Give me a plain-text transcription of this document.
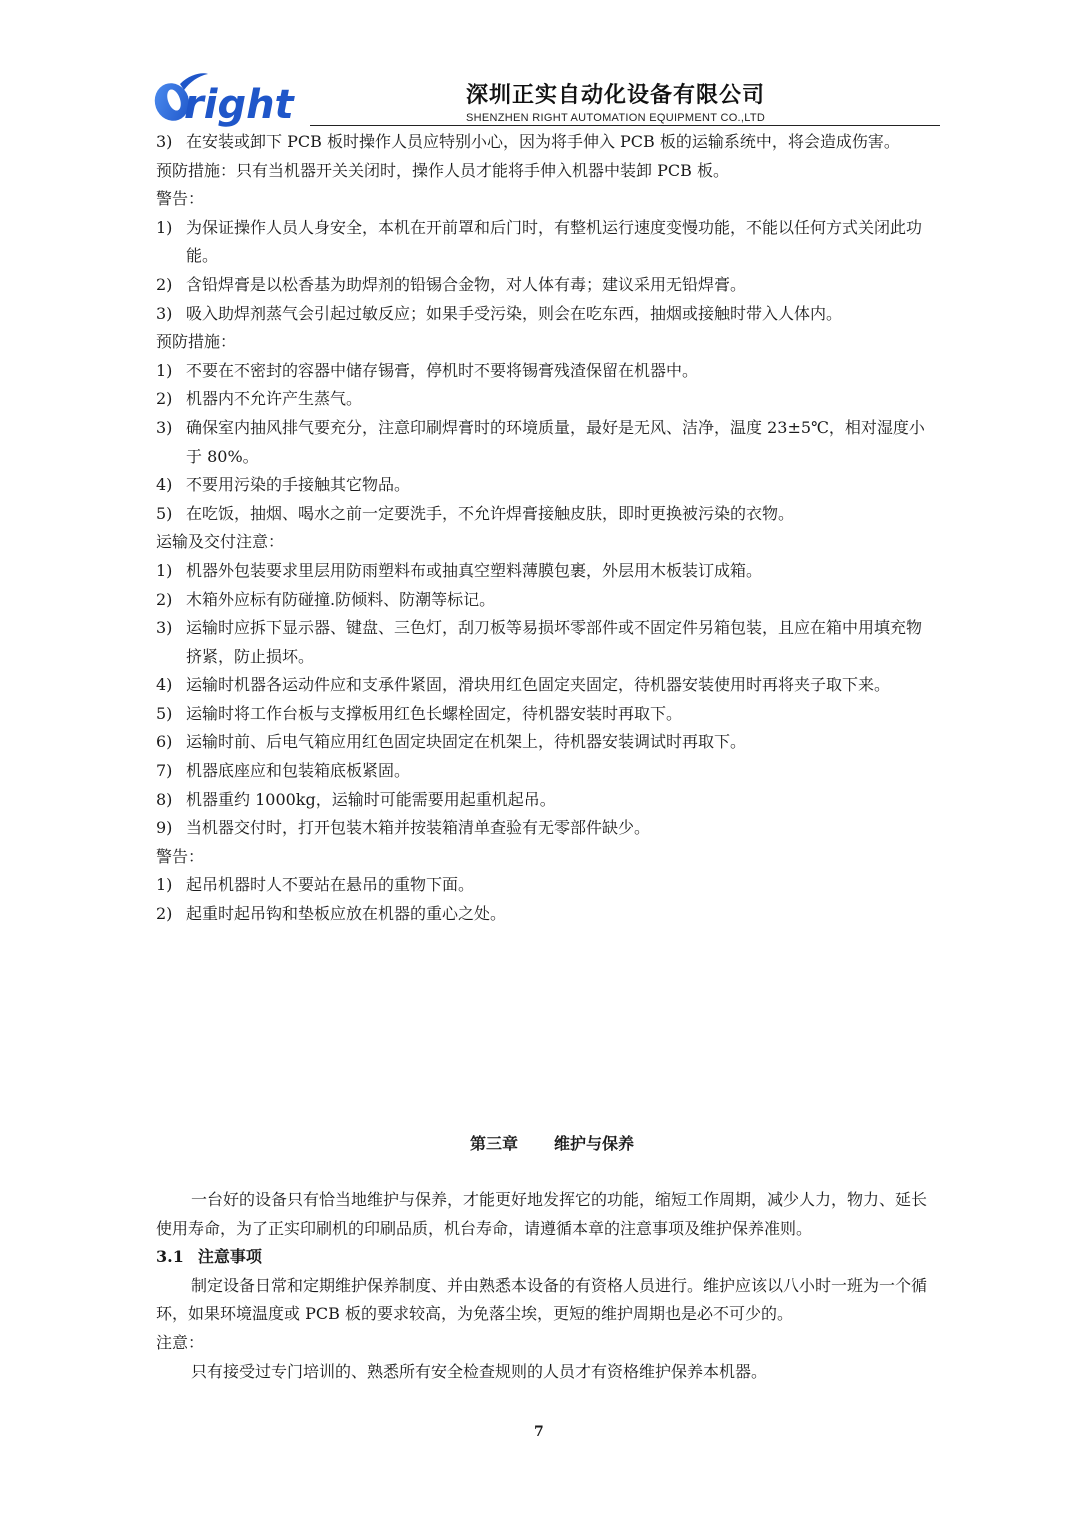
right	深圳正实自动化设备有限公司
SHENZHEN RIGHT AUTOMATION EQUIPMENT CO.,LTD
3) 在安装或卸下 PCB 板时操作人员应特别小心，因为将手伸入 PCB 板的运输系统中，将会造成伤害。
预防措施：只有当机器开关关闭时，操作人员才能将手伸入机器中装卸 PCB 板。
警告：
1) 为保证操作人员人身安全，本机在开前罩和后门时，有整机运行速度变慢功能，不能以任何方式关闭此功能。
2) 含铅焊膏是以松香基为助焊剂的铅锡合金物，对人体有毒；建议采用无铅焊膏。
3) 吸入助焊剂蒸气会引起过敏反应；如果手受污染，则会在吃东西，抽烟或接触时带入人体内。
预防措施：
1) 不要在不密封的容器中储存锡膏，停机时不要将锡膏残渣保留在机器中。
2) 机器内不允许产生蒸气。
3) 确保室内抽风排气要充分，注意印刷焊膏时的环境质量，最好是无风、洁净，温度 23±5℃，相对湿度小于 80%。
4) 不要用污染的手接触其它物品。
5) 在吃饭，抽烟、喝水之前一定要洗手，不允许焊膏接触皮肤，即时更换被污染的衣物。
运输及交付注意：
1) 机器外包装要求里层用防雨塑料布或抽真空塑料薄膜包裹，外层用木板装订成箱。
2) 木箱外应标有防碰撞.防倾料、防潮等标记。
3) 运输时应拆下显示器、键盘、三色灯，刮刀板等易损坏零部件或不固定件另箱包装，且应在箱中用填充物挤紧，防止损坏。
4) 运输时机器各运动件应和支承件紧固，滑块用红色固定夹固定，待机器安装使用时再将夹子取下来。
5) 运输时将工作台板与支撑板用红色长螺栓固定，待机器安装时再取下。
6) 运输时前、后电气箱应用红色固定块固定在机架上，待机器安装调试时再取下。
7) 机器底座应和包装箱底板紧固。
8) 机器重约 1000kg，运输时可能需要用起重机起吊。
9) 当机器交付时，打开包装木箱并按装箱清单查验有无零部件缺少。
警告：
1) 起吊机器时人不要站在悬吊的重物下面。
2) 起重时起吊钩和垫板应放在机器的重心之处。
第三章 维护与保养
一台好的设备只有恰当地维护与保养，才能更好地发挥它的功能，缩短工作周期，减少人力，物力、延长使用寿命，为了正实印刷机的印刷品质，机台寿命，请遵循本章的注意事项及维护保养准则。
3.1 注意事项
制定设备日常和定期维护保养制度、并由熟悉本设备的有资格人员进行。维护应该以八小时一班为一个循环，如果环境温度或 PCB 板的要求较高，为免落尘埃，更短的维护周期也是必不可少的。
注意：
只有接受过专门培训的、熟悉所有安全检查规则的人员才有资格维护保养本机器。
7
